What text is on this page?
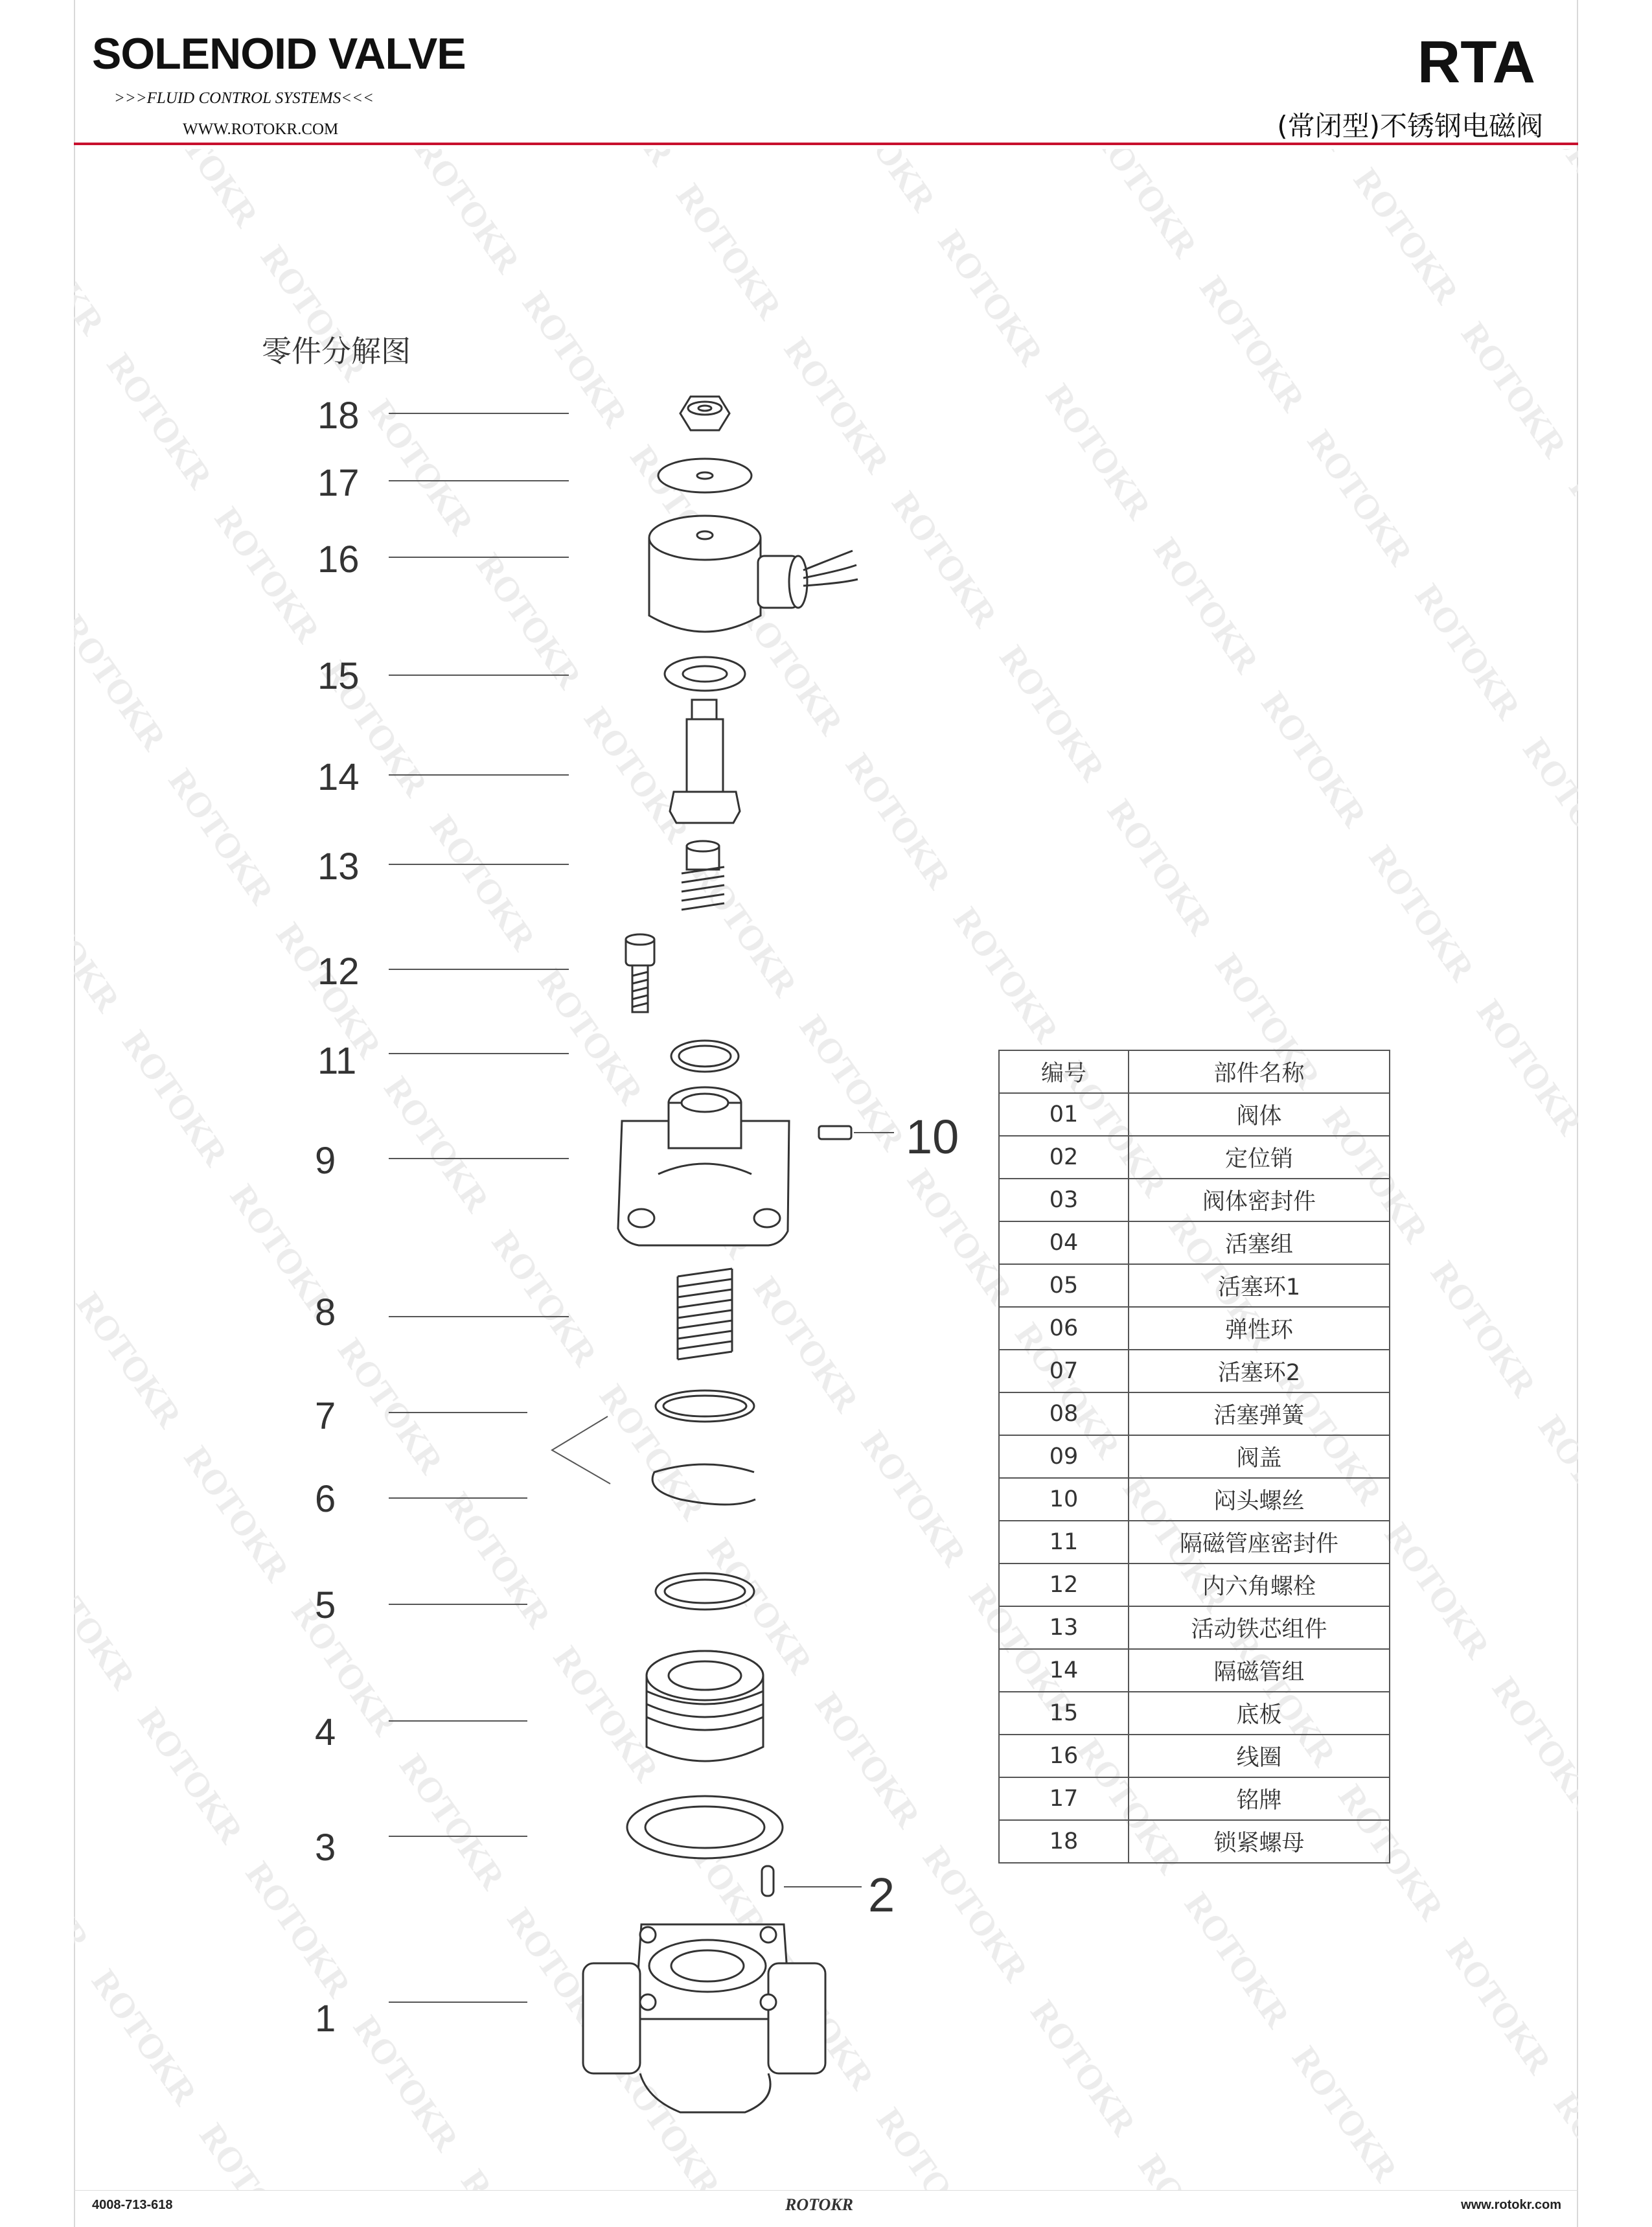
SOLENOID VALVE
>>>FLUID CONTROL SYSTEMS<<<
WWW.ROTOKR.COM
RTA
(常闭型)不锈钢电磁阀
零件分解图
18
17
16
15
14
13
12
11
9
8
7
6
5
4
3
1
10
2
编号	部件名称
01	阀体
02	定位销
03	阀体密封件
04	活塞组
05	活塞环1
06	弹性环
07	活塞环2
08	活塞弹簧
09	阀盖
10	闷头螺丝
11	隔磁管座密封件
12	内六角螺栓
13	活动铁芯组件
14	隔磁管组
15	底板
16	线圈
17	铭牌
18	锁紧螺母
4008-713-618	ROTOKR	www.rotokr.com
